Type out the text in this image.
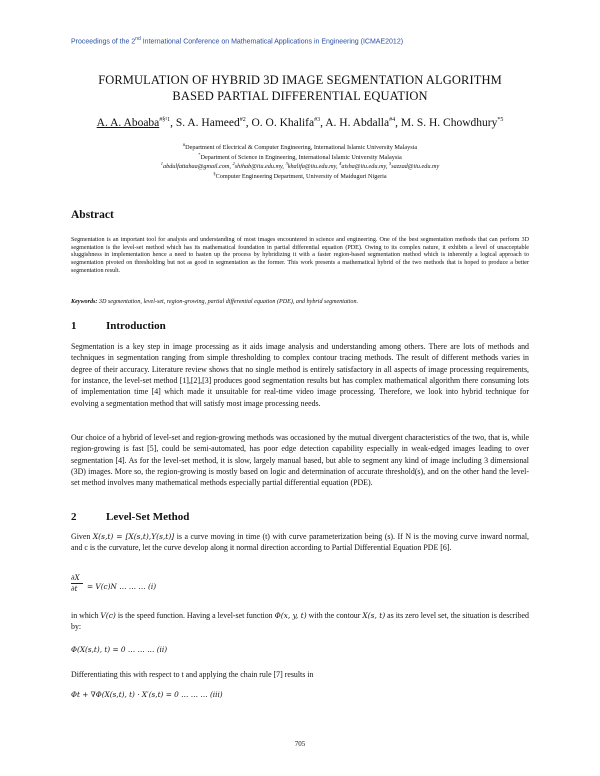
Proceedings of the 2nd International Conference on Mathematical Applications in Engineering (ICMAE2012)
FORMULATION OF HYBRID 3D IMAGE SEGMENTATION ALGORITHM
BASED PARTIAL DIFFERENTIAL EQUATION
A. A. Aboaba$^{\#\S^11}$, S. A. Hameed$^{\#2}$, O. O. Khalifa$^{\#3}$, A. H. Abdalla$^{\#4}$, M. S. H. Chowdhury$^{*5}$
#Department of Electrical & Computer Engineering, International Islamic University Malaysia
*Department of Science in Engineering, International Islamic University Malaysia
$^1$abdulfattahaa@gmail.com, $^2$shihab@iiu.edu.my, $^3$khalifa@iiu.edu.my, $^4$aisha@iiu.edu.my, $^5$sazzad@iiu.edu.my
§Computer Engineering Department, University of Maiduguri Nigeria
Abstract
Segmentation is an important tool for analysis and understanding of most images encountered in science and engineering. One of the best segmentation methods that can perform 3D segmentation is the level-set method which has its mathematical foundation in partial differential equation (PDE). Owing to its complex nature, it exhibits a level of unacceptable sluggishness in implementation hence a need to hasten up the process by hybridizing it with a faster region-based segmentation method which is inherently a logical approach to segmentation pivoted on thresholding but not as good in segmentation as the former. This work presents a mathematical hybrid of the two methods that is hoped to produce a better segmentation result.
Keywords: 3D segmentation, level-set, region-growing, partial differential equation (PDE), and hybrid segmentation.
1	Introduction
Segmentation is a key step in image processing as it aids image analysis and understanding among others. There are lots of methods and techniques in segmentation ranging from simple thresholding to complex contour tracing methods. The result of different methods varies in degree of their accuracy. Literature review shows that no single method is entirely satisfactory in all aspects of image processing requirements, for instance, the level-set method [1],[2],[3] produces good segmentation results but has complex mathematical algorithm there consuming lots of implementation time [4] which made it unsuitable for real-time video image processing. Therefore, we look into hybrid technique for evolving a segmentation method that will satisfy most image processing needs.
Our choice of a hybrid of level-set and region-growing methods was occasioned by the mutual divergent characteristics of the two, that is, while region-growing is fast [5], could be semi-automated, has poor edge detection capability especially in weak-edged images leading to over segmentation [4]. As for the level-set method, it is slow, largely manual based, but able to segment any kind of image including 3 dimensional (3D) images. More so, the region-growing is mostly based on logic and determination of accurate threshold(s), and on the other hand the level-set method involves many mathematical methods especially partial differential equation (PDE).
2	Level-Set Method
Given X(s,t) = [X(s,t),Y(s,t)] is a curve moving in time (t) with curve parameterization being (s). If N is the moving curve inward normal, and c is the curvature, let the curve develop along it normal direction according to Partial Differential Equation PDE [6].
$\frac{\partial X}{\partial t} = V(c)N$ … … … (i)
in which V(c) is the speed function. Having a level-set function Φ(x, y, t) with the contour X(s, t) as its zero level set, the situation is described by:
Φ(X(s,t), t) = 0 … … … (ii)
Differentiating this with respect to t and applying the chain rule [7] results in
Φt + ∇Φ(X(s,t), t) · X′(s,t) = 0 … … … (iii)
705
